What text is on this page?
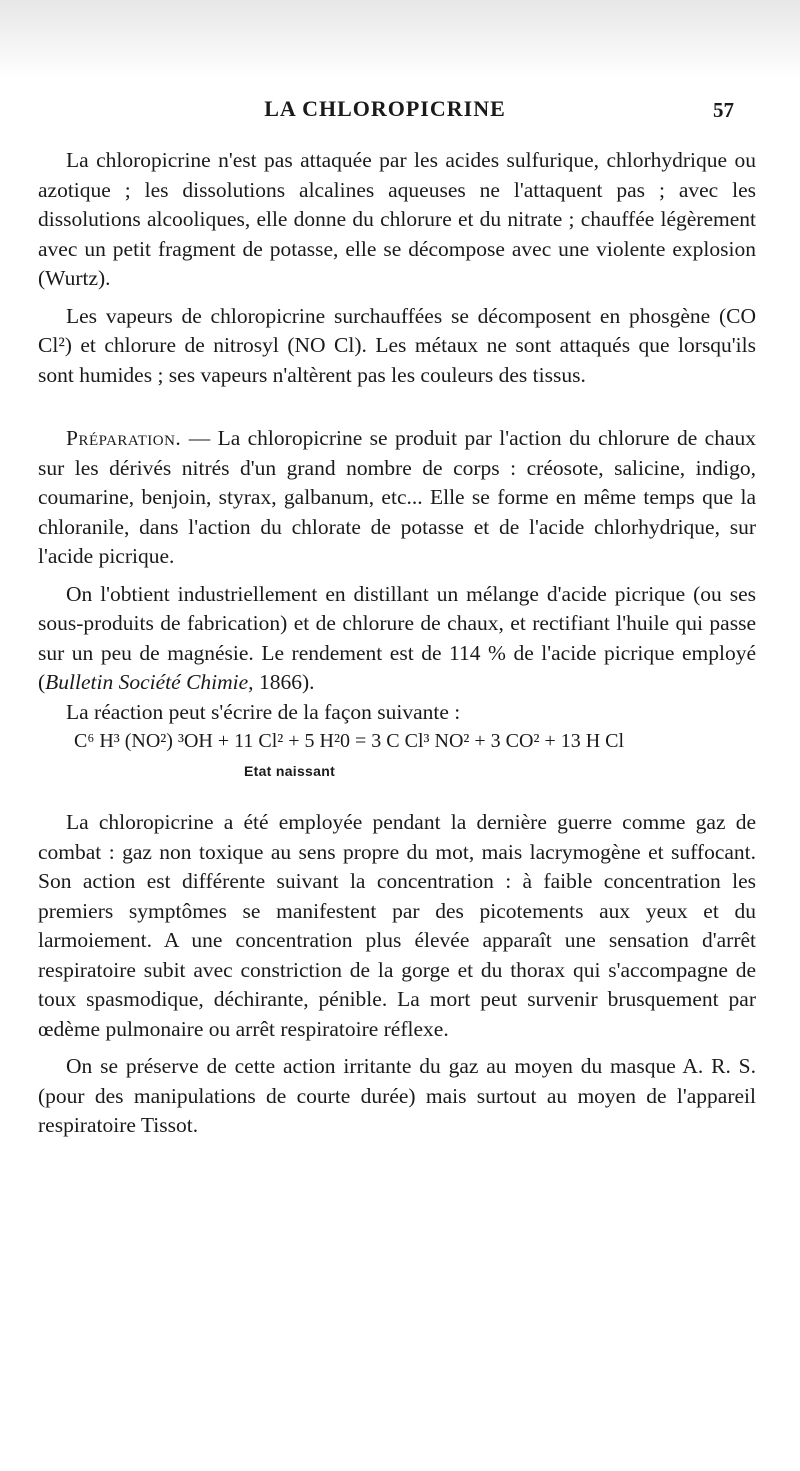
LA CHLOROPICRINE	57

La chloropicrine n'est pas attaquée par les acides sulfurique, chlorhydrique ou azotique ; les dissolutions alcalines aqueuses ne l'attaquent pas ; avec les dissolutions alcooliques, elle donne du chlorure et du nitrate ; chauffée légèrement avec un petit fragment de potasse, elle se décompose avec une violente explosion (Wurtz).

Les vapeurs de chloropicrine surchauffées se décomposent en phosgène (CO Cl²) et chlorure de nitrosyl (NO Cl). Les métaux ne sont attaqués que lorsqu'ils sont humides ; ses vapeurs n'altèrent pas les couleurs des tissus.

Préparation. — La chloropicrine se produit par l'action du chlorure de chaux sur les dérivés nitrés d'un grand nombre de corps : créosote, salicine, indigo, coumarine, benjoin, styrax, galbanum, etc... Elle se forme en même temps que la chloranile, dans l'action du chlorate de potasse et de l'acide chlorhydrique, sur l'acide picrique.

On l'obtient industriellement en distillant un mélange d'acide picrique (ou ses sous-produits de fabrication) et de chlorure de chaux, et rectifiant l'huile qui passe sur un peu de magnésie. Le rendement est de 114 % de l'acide picrique employé (Bulletin Société Chimie, 1866).

La réaction peut s'écrire de la façon suivante :

C⁶ H³ (NO²) ³OH + 11 Cl² + 5 H²0 = 3 C Cl³ NO² + 3 CO² + 13 H Cl

Etat naissant

La chloropicrine a été employée pendant la dernière guerre comme gaz de combat : gaz non toxique au sens propre du mot, mais lacrymogène et suffocant. Son action est différente suivant la concentration : à faible concentration les premiers symptômes se manifestent par des picotements aux yeux et du larmoiement. A une concentration plus élevée apparaît une sensation d'arrêt respiratoire subit avec constriction de la gorge et du thorax qui s'accompagne de toux spasmodique, déchirante, pénible. La mort peut survenir brusquement par œdème pulmonaire ou arrêt respiratoire réflexe.

On se préserve de cette action irritante du gaz au moyen du masque A. R. S. (pour des manipulations de courte durée) mais surtout au moyen de l'appareil respiratoire Tissot.
